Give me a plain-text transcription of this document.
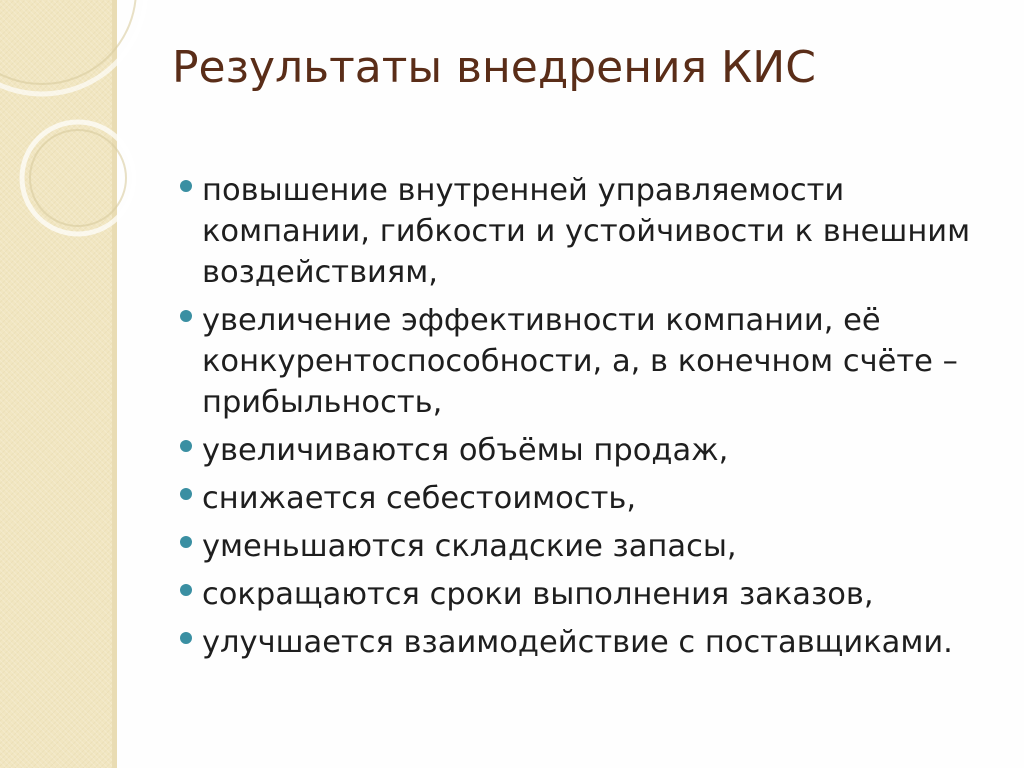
Результаты внедрения КИС
повышение внутренней управляемости компании, гибкости и устойчивости к внешним воздействиям,
увеличение эффективности компании, её конкурентоспособности, а, в конечном счёте – прибыльность,
увеличиваются объёмы продаж,
снижается себестоимость,
уменьшаются складские запасы,
сокращаются сроки выполнения заказов,
улучшается взаимодействие с поставщиками.
